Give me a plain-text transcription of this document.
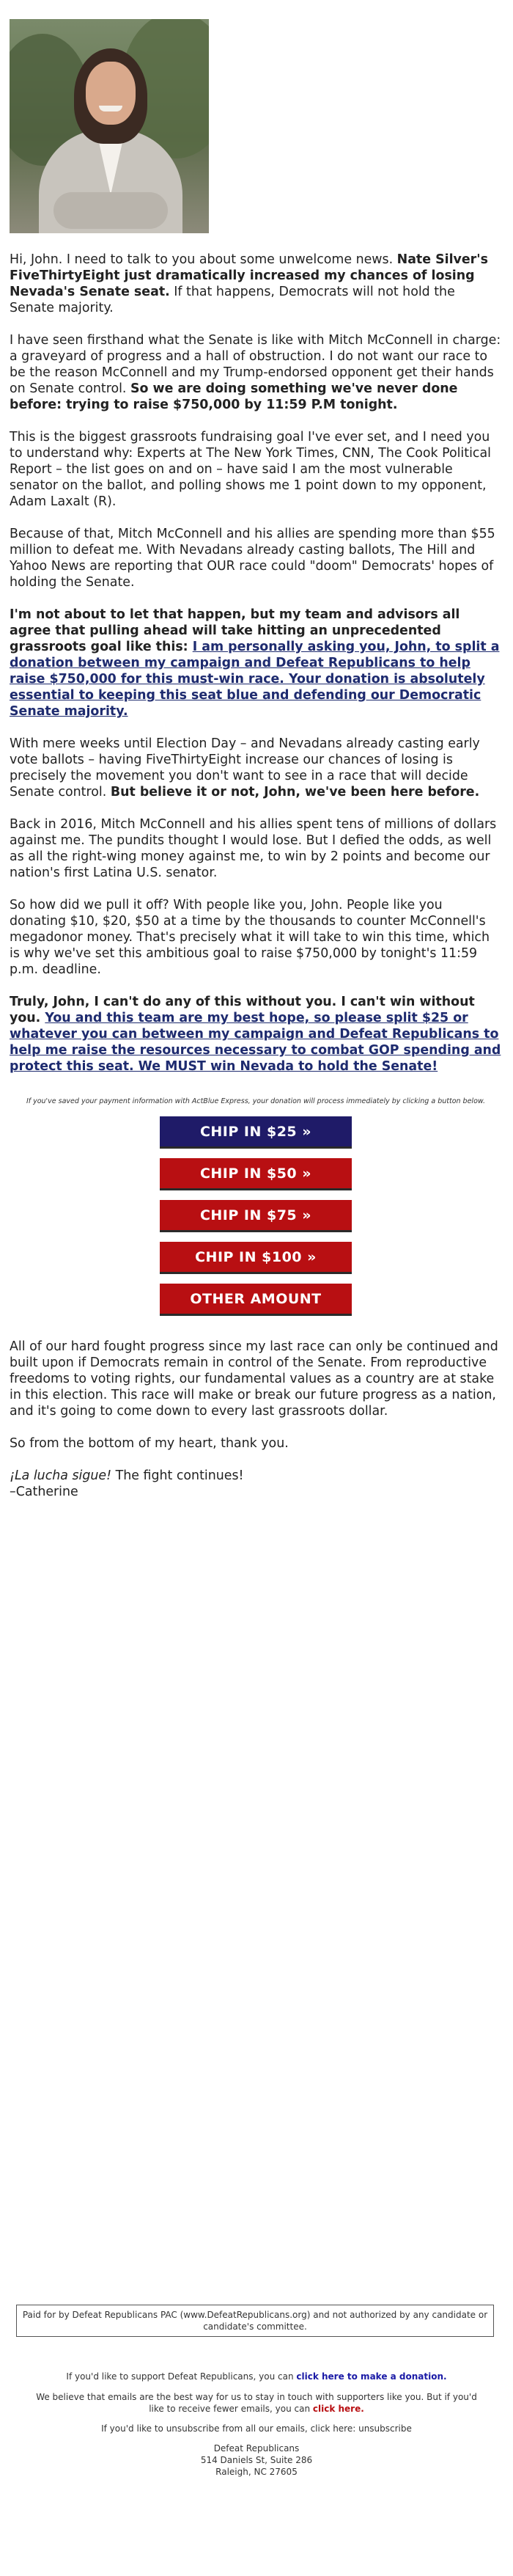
Hi, John. I need to talk to you about some unwelcome news. Nate Silver's FiveThirtyEight just dramatically increased my chances of losing Nevada's Senate seat. If that happens, Democrats will not hold the Senate majority.

I have seen firsthand what the Senate is like with Mitch McConnell in charge: a graveyard of progress and a hall of obstruction. I do not want our race to be the reason McConnell and my Trump-endorsed opponent get their hands on Senate control. So we are doing something we've never done before: trying to raise $750,000 by 11:59 P.M tonight.

This is the biggest grassroots fundraising goal I've ever set, and I need you to understand why: Experts at The New York Times, CNN, The Cook Political Report – the list goes on and on – have said I am the most vulnerable senator on the ballot, and polling shows me 1 point down to my opponent, Adam Laxalt (R).

Because of that, Mitch McConnell and his allies are spending more than $55 million to defeat me. With Nevadans already casting ballots, The Hill and Yahoo News are reporting that OUR race could "doom" Democrats' hopes of holding the Senate.

I'm not about to let that happen, but my team and advisors all agree that pulling ahead will take hitting an unprecedented grassroots goal like this: I am personally asking you, John, to split a donation between my campaign and Defeat Republicans to help raise $750,000 for this must-win race. Your donation is absolutely essential to keeping this seat blue and defending our Democratic Senate majority.

With mere weeks until Election Day – and Nevadans already casting early vote ballots – having FiveThirtyEight increase our chances of losing is precisely the movement you don't want to see in a race that will decide Senate control. But believe it or not, John, we've been here before.

Back in 2016, Mitch McConnell and his allies spent tens of millions of dollars against me. The pundits thought I would lose. But I defied the odds, as well as all the right-wing money against me, to win by 2 points and become our nation's first Latina U.S. senator.

So how did we pull it off? With people like you, John. People like you donating $10, $20, $50 at a time by the thousands to counter McConnell's megadonor money. That's precisely what it will take to win this time, which is why we've set this ambitious goal to raise $750,000 by tonight's 11:59 p.m. deadline.

Truly, John, I can't do any of this without you. I can't win without you. You and this team are my best hope, so please split $25 or whatever you can between my campaign and Defeat Republicans to help me raise the resources necessary to combat GOP spending and protect this seat. We MUST win Nevada to hold the Senate!

If you've saved your payment information with ActBlue Express, your donation will process immediately by clicking a button below.
CHIP IN $25 »
CHIP IN $50 »
CHIP IN $75 »
CHIP IN $100 »
OTHER AMOUNT

All of our hard fought progress since my last race can only be continued and built upon if Democrats remain in control of the Senate. From reproductive freedoms to voting rights, our fundamental values as a country are at stake in this election. This race will make or break our future progress as a nation, and it's going to come down to every last grassroots dollar.

So from the bottom of my heart, thank you.

¡La lucha sigue! The fight continues!
–Catherine

Paid for by Defeat Republicans PAC (www.DefeatRepublicans.org) and not authorized by any candidate or candidate's committee.
If you'd like to support Defeat Republicans, you can click here to make a donation.
We believe that emails are the best way for us to stay in touch with supporters like you. But if you'd like to receive fewer emails, you can click here.
If you'd like to unsubscribe from all our emails, click here: unsubscribe
Defeat Republicans
514 Daniels St, Suite 286
Raleigh, NC 27605
